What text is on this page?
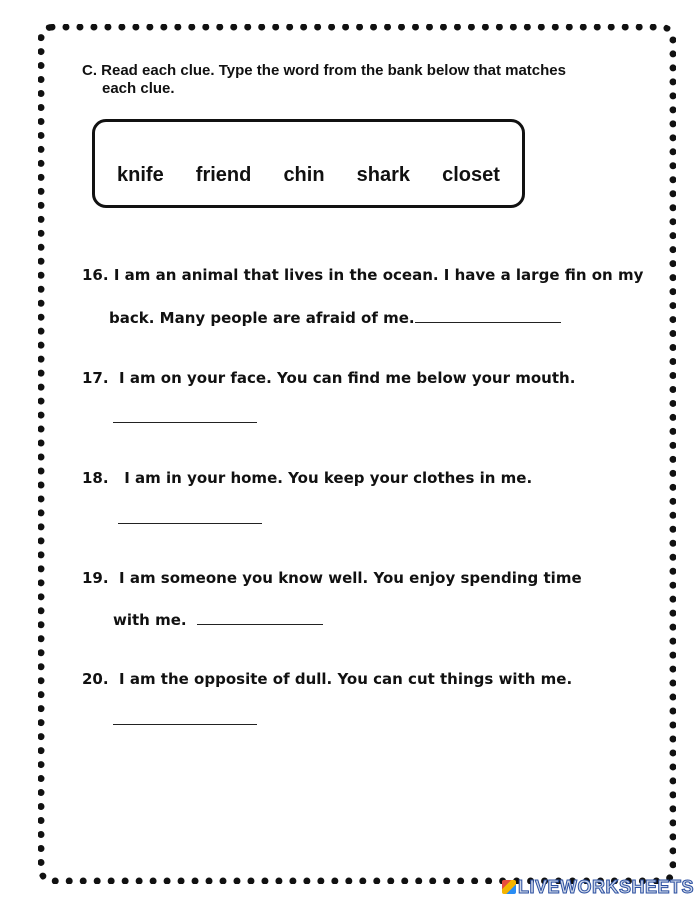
C. Read each clue. Type the word from the bank below that matches
each clue.
knife friend chin shark closet
16. I am an animal that lives in the ocean. I have a large fin on my
back. Many people are afraid of me.
17. I am on your face. You can find me below your mouth.
18. I am in your home. You keep your clothes in me.
19. I am someone you know well. You enjoy spending time
with me.
20. I am the opposite of dull. You can cut things with me.
LIVEWORKSHEETS
